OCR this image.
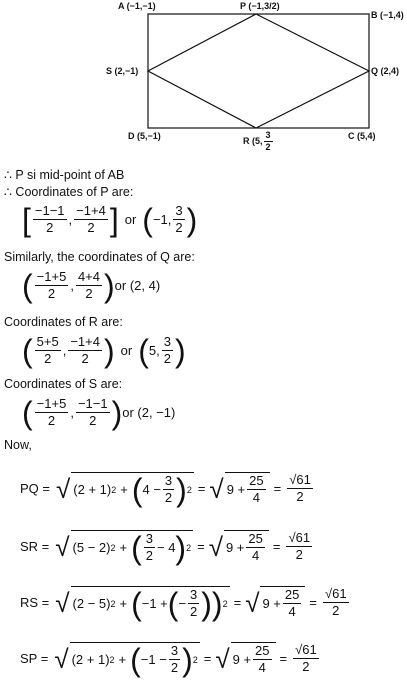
A (−1,−1)	P (−1,3/2)
B (−1,4)
S (2,−1)	Q (2,4)
D (5,−1)	R (5, $\frac{3}{2}$	C (5,4)
∴ P si mid-point of AB
∴ Coordinates of P are:
[ $\frac{-1-1}{2}$ , $\frac{-1+4}{2}$ ] or ( −1, $\frac{3}{2}$ )
Similarly, the coordinates of Q are:
( $\frac{-1+5}{2}$ , $\frac{4+4}{2}$ ) or (2, 4)
Coordinates of R are:
( $\frac{5+5}{2}$ , $\frac{-1+4}{2}$ ) or ( 5, $\frac{3}{2}$ )
Coordinates of S are:
( $\frac{-1+5}{2}$ , $\frac{-1-1}{2}$ ) or (2, −1)
Now,
PQ = √ (2 + 1) 2 + ( $4 - \frac{3}{2}$ ) 2 = √ $9 + \frac{25}{4} = \frac{√61}{2}$
SR = √ (5 − 2) 2 + ( $\frac{3}{2} - 4$ ) 2 = √ $9 + \frac{25}{4} = \frac{√61}{2}$
RS = √ (2 − 5) 2 + ( −1 + ( − $\frac{3}{2}$ ) ) 2 = √ $9 + \frac{25}{4} = \frac{√61}{2}$
SP = √ (2 + 1) 2 + ( $-1 - \frac{3}{2}$ ) 2 = √ $9 + \frac{25}{4} = \frac{√61}{2}$
